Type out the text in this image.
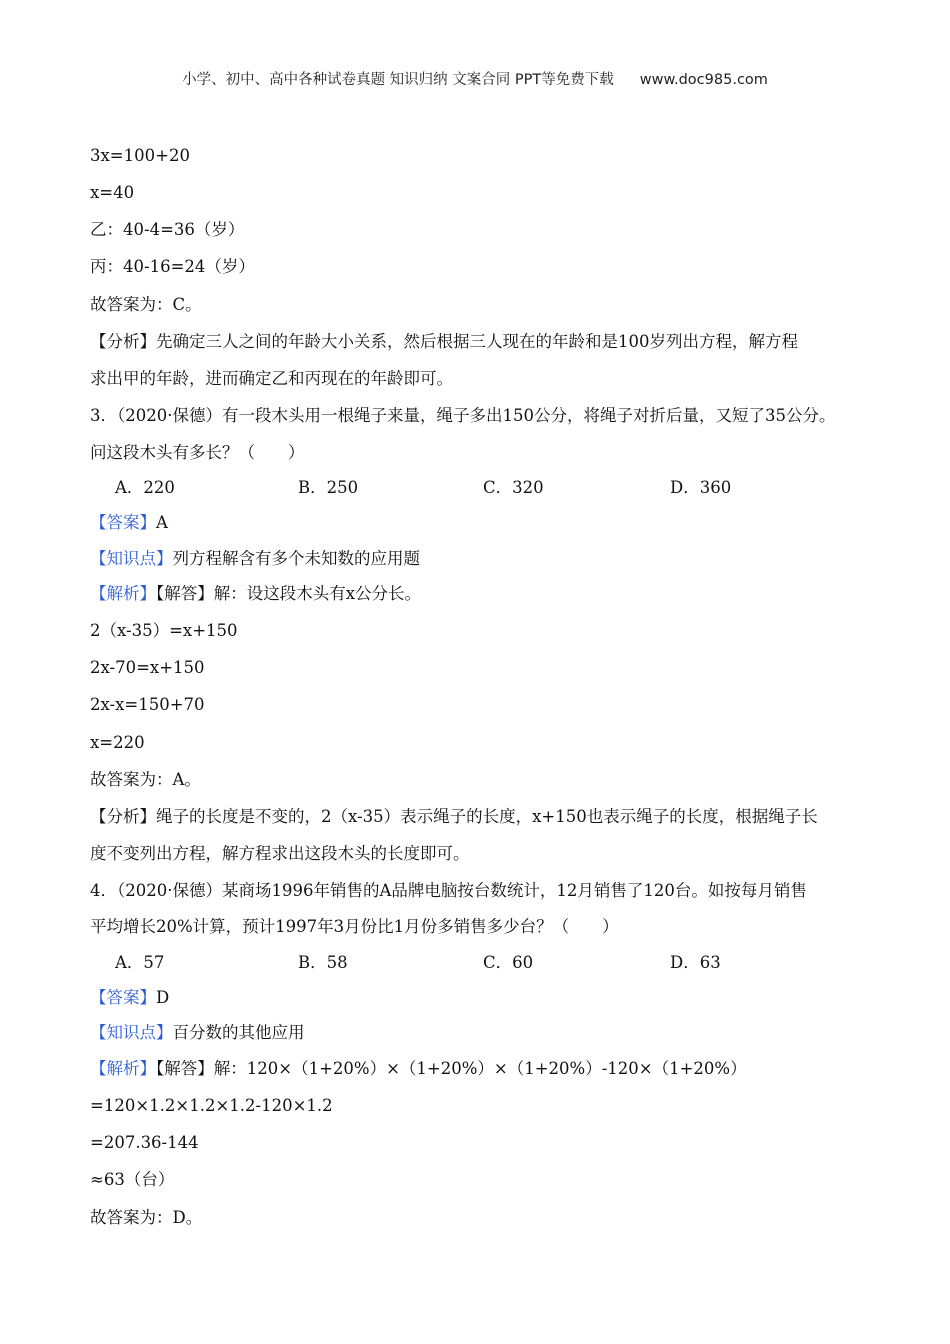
小学、初中、高中各种试卷真题 知识归纳 文案合同 PPT等免费下载 www.doc985.com
3x=100+20
x=40
乙：40-4=36（岁）
丙：40-16=24（岁）
故答案为：C。
【分析】先确定三人之间的年龄大小关系，然后根据三人现在的年龄和是100岁列出方程，解方程
求出甲的年龄，进而确定乙和丙现在的年龄即可。
3．（2020·保德）有一段木头用一根绳子来量，绳子多出150公分，将绳子对折后量，又短了35公分。
问这段木头有多长？（　　）
A．220	B．250	C．320	D．360
【答案】A
【知识点】列方程解含有多个未知数的应用题
【解析】【解答】解：设这段木头有x公分长。
2（x-35）=x+150
2x-70=x+150
2x-x=150+70
x=220
故答案为：A。
【分析】绳子的长度是不变的，2（x-35）表示绳子的长度，x+150也表示绳子的长度，根据绳子长
度不变列出方程，解方程求出这段木头的长度即可。
4．（2020·保德）某商场1996年销售的A品牌电脑按台数统计，12月销售了120台。如按每月销售
平均增长20%计算，预计1997年3月份比1月份多销售多少台？（　　）
A．57	B．58	C．60	D．63
【答案】D
【知识点】百分数的其他应用
【解析】【解答】解：120×（1+20%）×（1+20%）×（1+20%）-120×（1+20%）
=120×1.2×1.2×1.2-120×1.2
=207.36-144
≈63（台）
故答案为：D。
